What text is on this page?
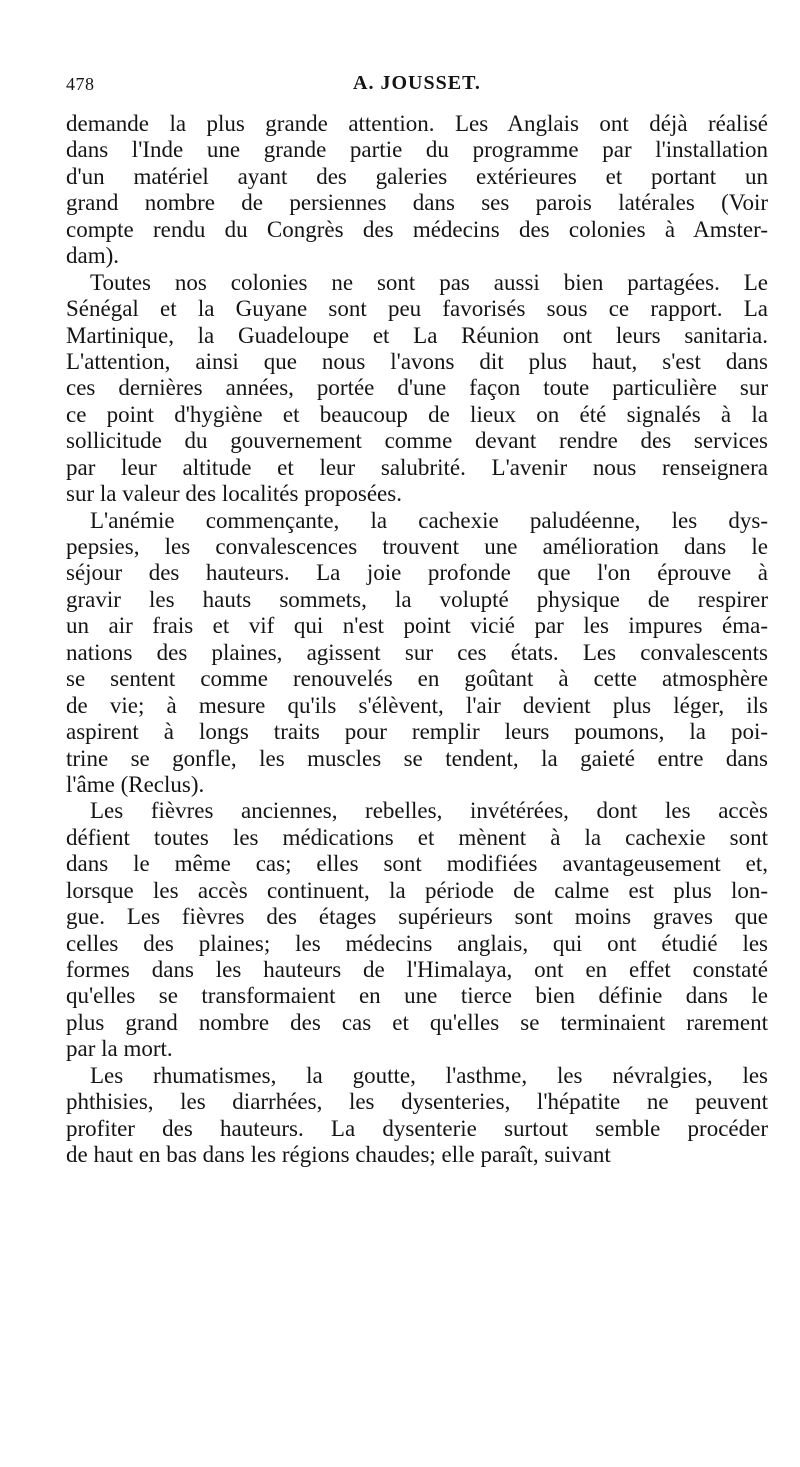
478	A. JOUSSET.
demande la plus grande attention. Les Anglais ont déjà réalisé
dans l'Inde une grande partie du programme par l'installation
d'un matériel ayant des galeries extérieures et portant un
grand nombre de persiennes dans ses parois latérales (Voir
compte rendu du Congrès des médecins des colonies à Amster-
dam).
Toutes nos colonies ne sont pas aussi bien partagées. Le
Sénégal et la Guyane sont peu favorisés sous ce rapport. La
Martinique, la Guadeloupe et La Réunion ont leurs sanitaria.
L'attention, ainsi que nous l'avons dit plus haut, s'est dans
ces dernières années, portée d'une façon toute particulière sur
ce point d'hygiène et beaucoup de lieux on été signalés à la
sollicitude du gouvernement comme devant rendre des services
par leur altitude et leur salubrité. L'avenir nous renseignera
sur la valeur des localités proposées.
L'anémie commençante, la cachexie paludéenne, les dys-
pepsies, les convalescences trouvent une amélioration dans le
séjour des hauteurs. La joie profonde que l'on éprouve à
gravir les hauts sommets, la volupté physique de respirer
un air frais et vif qui n'est point vicié par les impures éma-
nations des plaines, agissent sur ces états. Les convalescents
se sentent comme renouvelés en goûtant à cette atmosphère
de vie; à mesure qu'ils s'élèvent, l'air devient plus léger, ils
aspirent à longs traits pour remplir leurs poumons, la poi-
trine se gonfle, les muscles se tendent, la gaieté entre dans
l'âme (Reclus).
Les fièvres anciennes, rebelles, invétérées, dont les accès
défient toutes les médications et mènent à la cachexie sont
dans le même cas; elles sont modifiées avantageusement et,
lorsque les accès continuent, la période de calme est plus lon-
gue. Les fièvres des étages supérieurs sont moins graves que
celles des plaines; les médecins anglais, qui ont étudié les
formes dans les hauteurs de l'Himalaya, ont en effet constaté
qu'elles se transformaient en une tierce bien définie dans le
plus grand nombre des cas et qu'elles se terminaient rarement
par la mort.
Les rhumatismes, la goutte, l'asthme, les névralgies, les
phthisies, les diarrhées, les dysenteries, l'hépatite ne peuvent
profiter des hauteurs. La dysenterie surtout semble procéder
de haut en bas dans les régions chaudes; elle paraît, suivant
